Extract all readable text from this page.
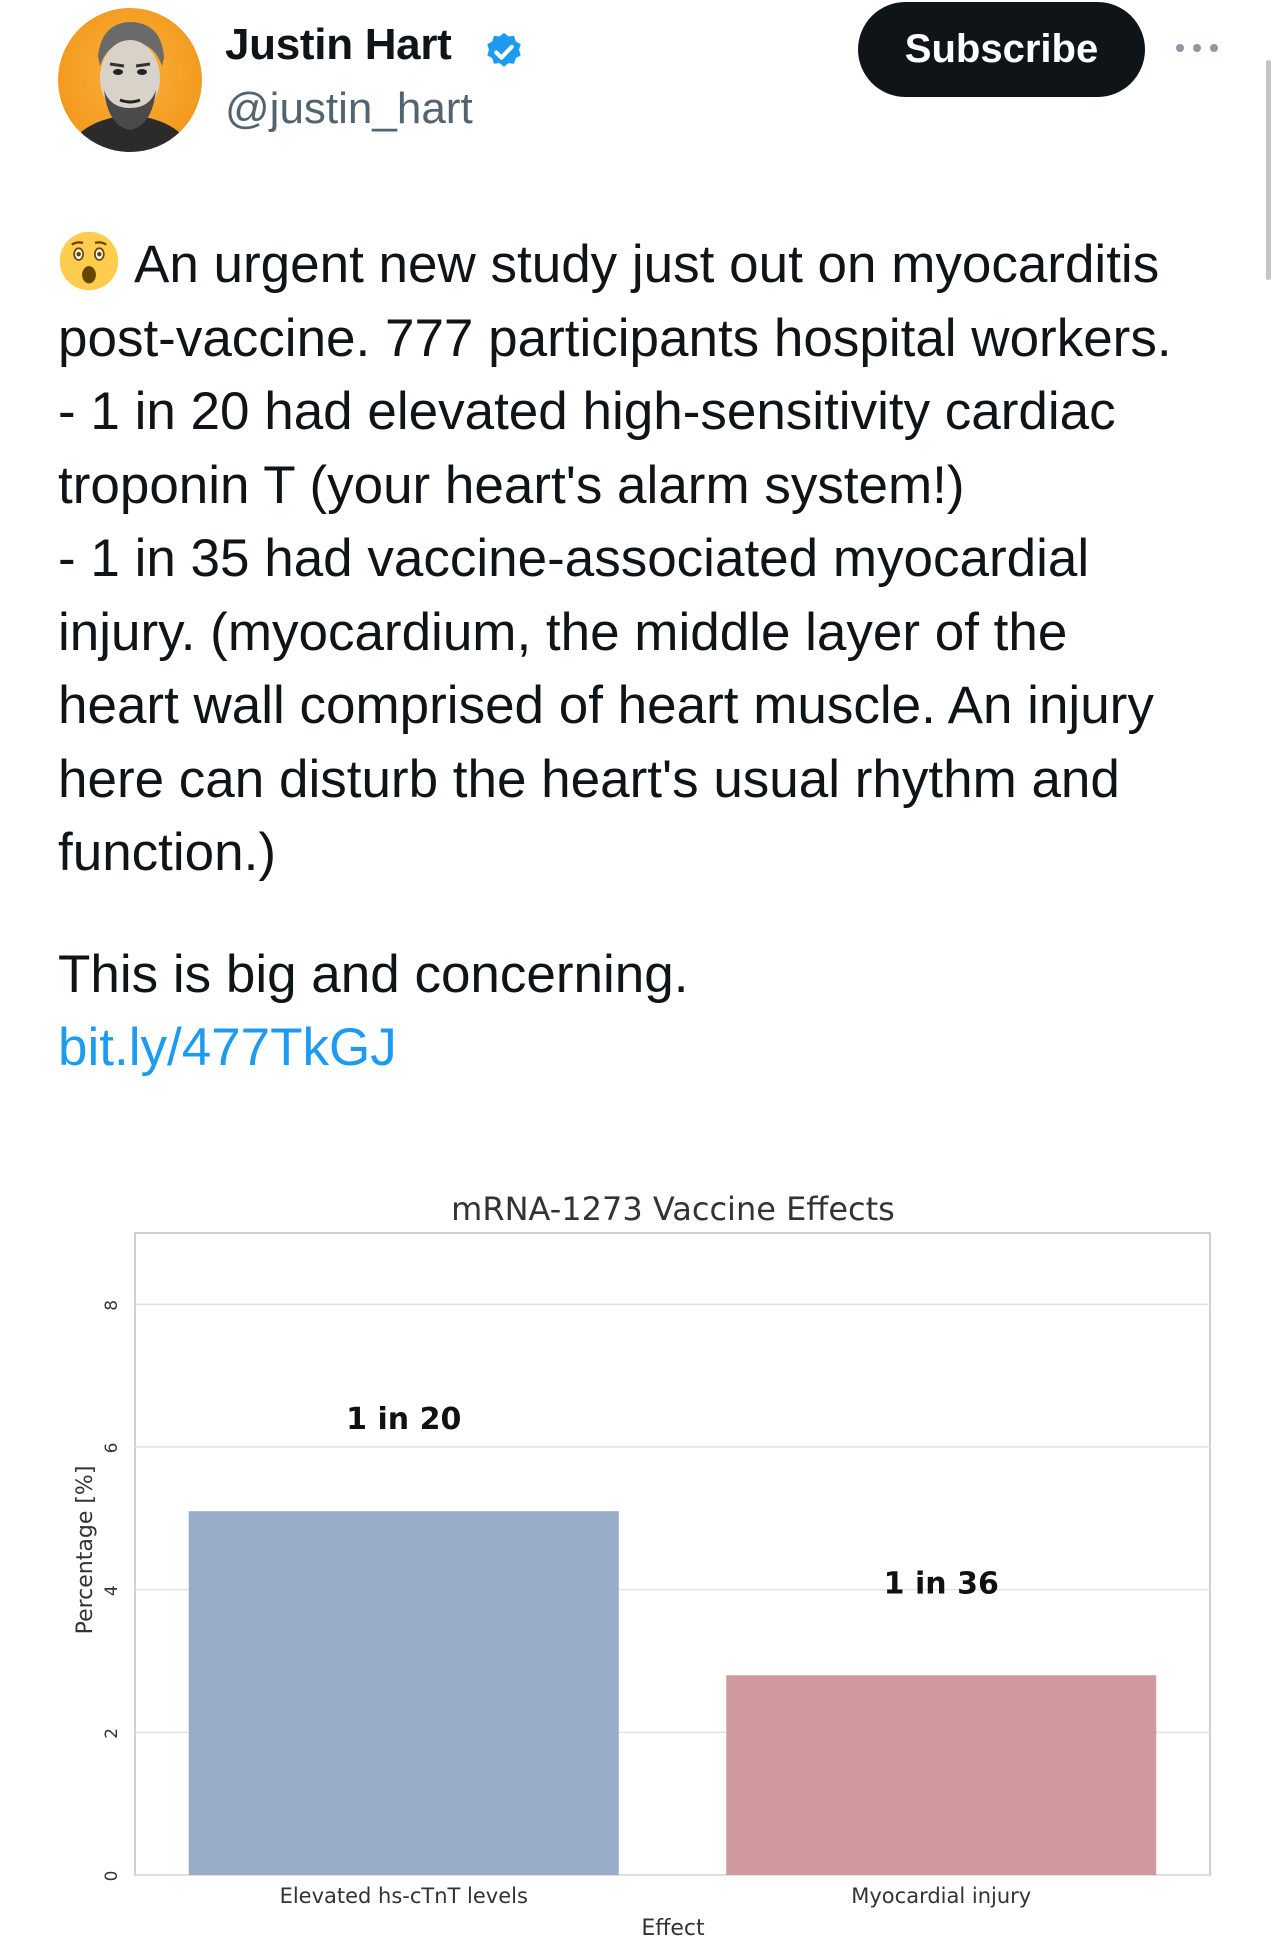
Justin Hart
@justin_hart
Subscribe
An urgent new study just out on myocarditis
post-vaccine. 777 participants hospital workers.
- 1 in 20 had elevated high-sensitivity cardiac
troponin T (your heart's alarm system!)
- 1 in 35 had vaccine-associated myocardial
injury. (myocardium, the middle layer of the
heart wall comprised of heart muscle. An injury
here can disturb the heart's usual rhythm and
function.)
This is big and concerning.
bit.ly/477TkGJ
mRNA-1273 Vaccine Effects
0
2
4
6
8
Elevated hs-cTnT levels	Myocardial injury
1 in 20
1 in 36
Effect
Percentage [%]
